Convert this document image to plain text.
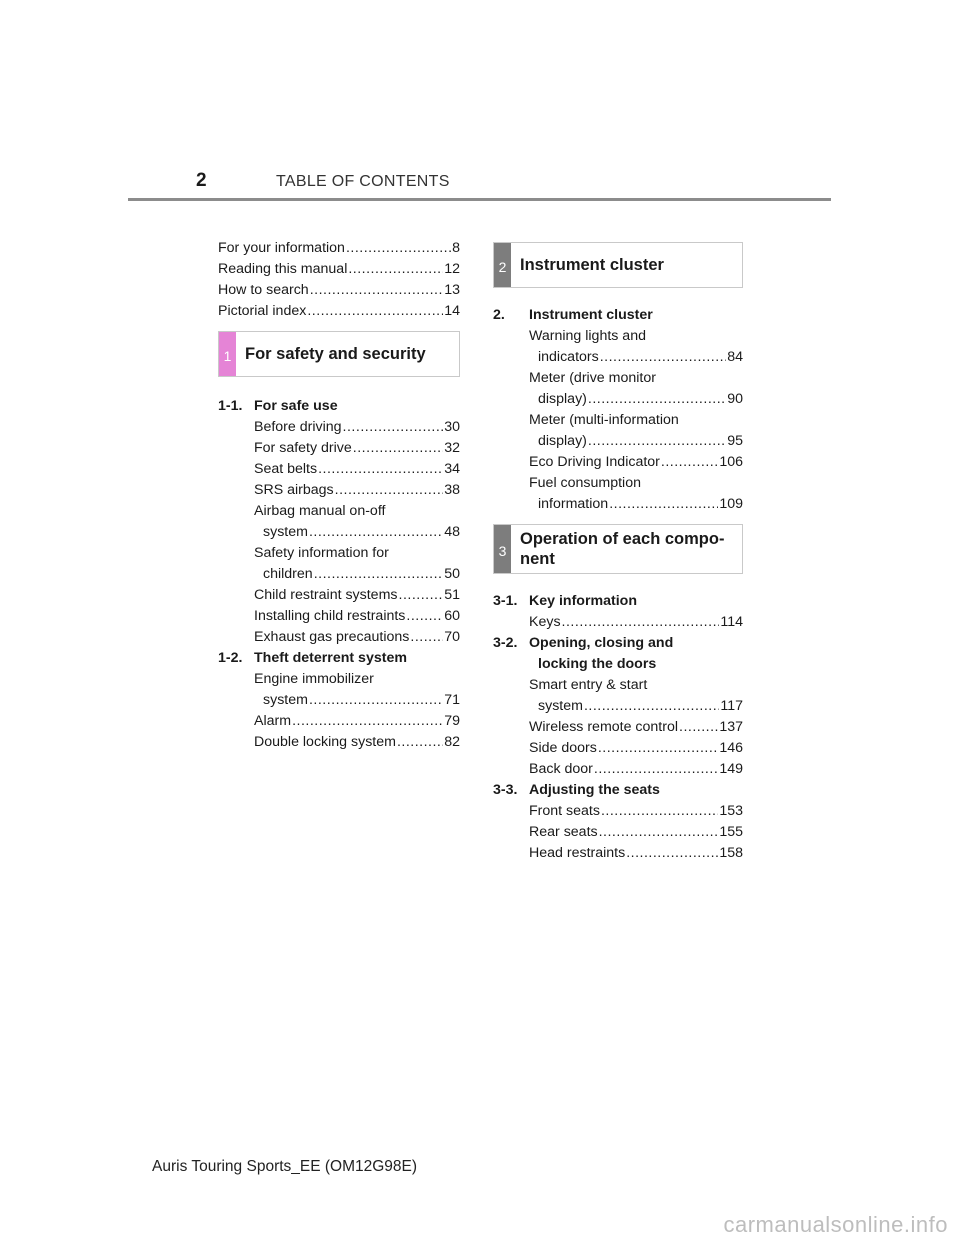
2	TABLE OF CONTENTS
For your information .....	8
Reading this manual .....	12
How to search .....	13
Pictorial index .....	14
1 For safety and security
1-1. For safe use
Before driving .....	30
For safety drive .....	32
Seat belts .....	34
SRS airbags .....	38
Airbag manual on-off
system .....	48
Safety information for
children .....	50
Child restraint systems .....	51
Installing child restraints .....	60
Exhaust gas precautions ..... 70
1-2. Theft deterrent system
Engine immobilizer
system .....	71
Alarm .....	79
Double locking system .....	82
2 Instrument cluster
2.	Instrument cluster
Warning lights and
indicators .....	84
Meter (drive monitor
display) .....	90
Meter (multi-information
display) .....	95
Eco Driving Indicator .....	106
Fuel consumption
information .....	109
3
Operation of each compo-
nent
3-1. Key information
Keys .....	114
3-2. Opening, closing and
locking the doors
Smart entry & start
system .....	117
Wireless remote control .....	137
Side doors .....	146
Back door .....	149
3-3. Adjusting the seats
Front seats .....	153
Rear seats .....	155
Head restraints .....	158
Auris Touring Sports_EE (OM12G98E)
carmanualsonline.info
